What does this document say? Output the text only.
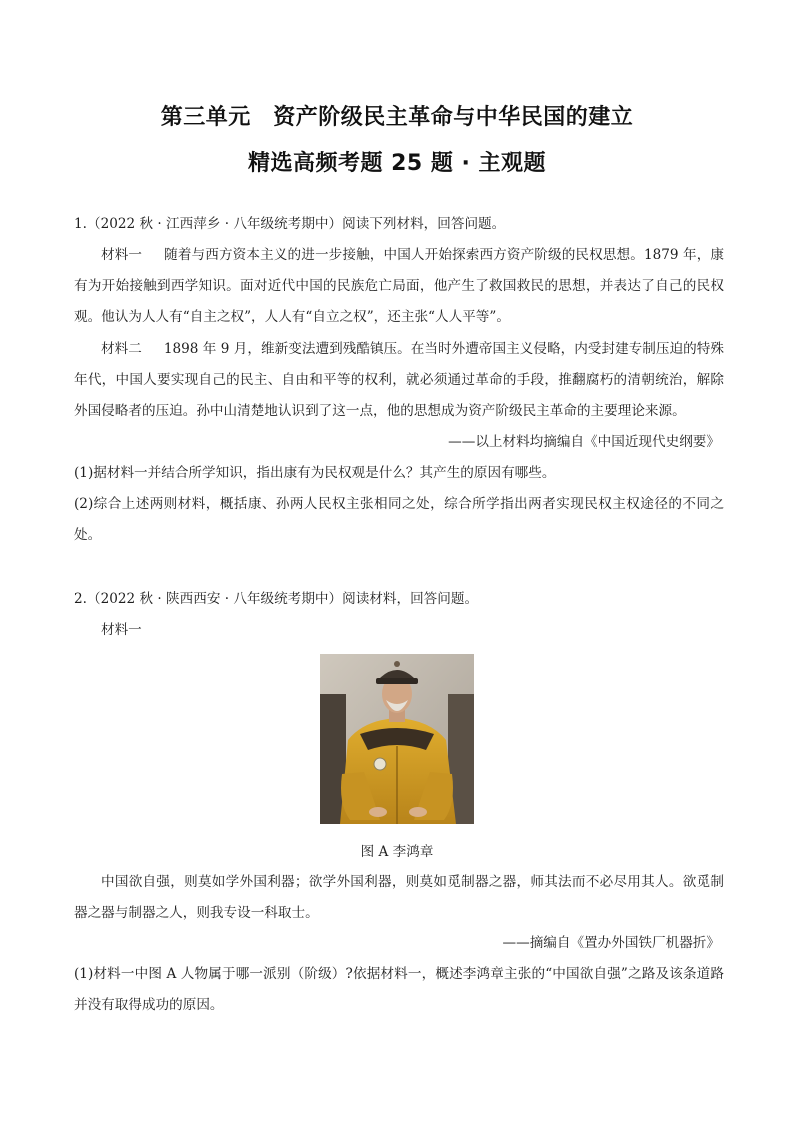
第三单元　资产阶级民主革命与中华民国的建立
精选高频考题 25 题 · 主观题

1.（2022 秋 · 江西萍乡 · 八年级统考期中）阅读下列材料，回答问题。

材料一 随着与西方资本主义的进一步接触，中国人开始探索西方资产阶级的民权思想。1879 年，康有为开始接触到西学知识。面对近代中国的民族危亡局面，他产生了救国救民的思想，并表达了自己的民权观。他认为人人有“自主之权”，人人有“自立之权”，还主张“人人平等”。

材料二 1898 年 9 月，维新变法遭到残酷镇压。在当时外遭帝国主义侵略，内受封建专制压迫的特殊年代，中国人要实现自己的民主、自由和平等的权利，就必须通过革命的手段，推翻腐朽的清朝统治，解除外国侵略者的压迫。孙中山清楚地认识到了这一点，他的思想成为资产阶级民主革命的主要理论来源。

——以上材料均摘编自《中国近现代史纲要》

(1)据材料一并结合所学知识，指出康有为民权观是什么？其产生的原因有哪些。

(2)综合上述两则材料，概括康、孙两人民权主张相同之处，综合所学指出两者实现民权主权途径的不同之处。

2.（2022 秋 · 陕西西安 · 八年级统考期中）阅读材料，回答问题。

材料一

图 A 李鸿章

中国欲自强，则莫如学外国利器；欲学外国利器，则莫如觅制器之器，师其法而不必尽用其人。欲觅制器之器与制器之人，则我专设一科取士。

——摘编自《置办外国铁厂机器折》

(1)材料一中图 A 人物属于哪一派别（阶级）?依据材料一，概述李鸿章主张的“中国欲自强”之路及该条道路并没有取得成功的原因。
